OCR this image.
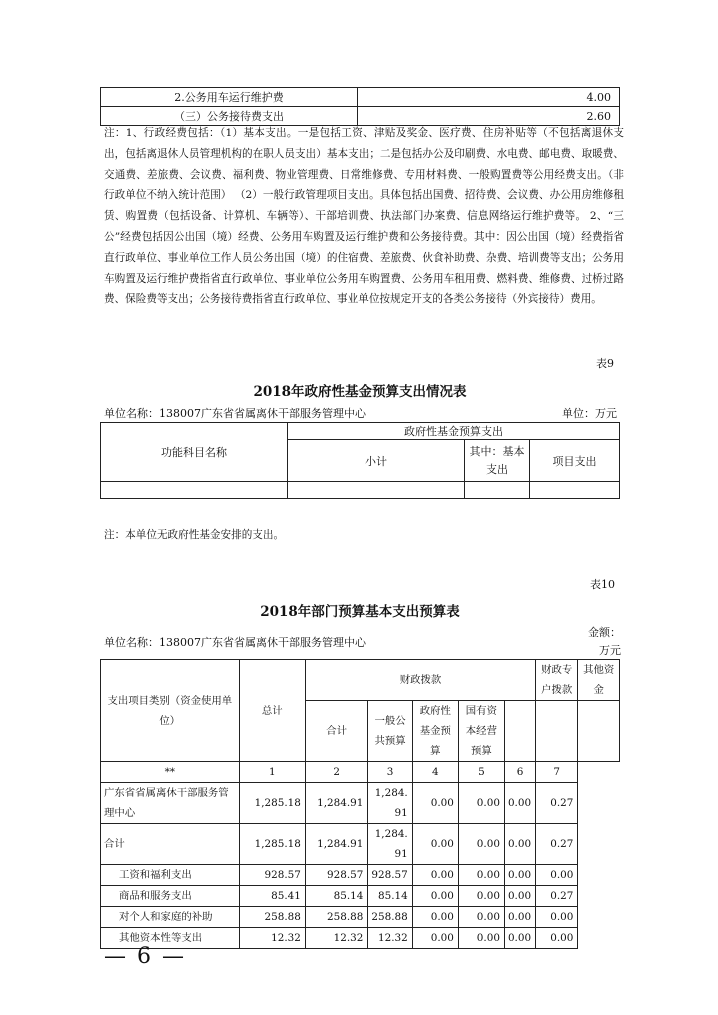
2.公务用车运行维护费	4.00
（三）公务接待费支出	2.60
注：1、行政经费包括：（1）基本支出。一是包括工资、津贴及奖金、医疗费、住房补贴等（不包括离退休支出，包括离退休人员管理机构的在职人员支出）基本支出；二是包括办公及印刷费、水电费、邮电费、取暖费、交通费、差旅费、会议费、福利费、物业管理费、日常维修费、专用材料费、一般购置费等公用经费支出。（非行政单位不纳入统计范围） （2）一般行政管理项目支出。具体包括出国费、招待费、会议费、办公用房维修租赁、购置费（包括设备、计算机、车辆等）、干部培训费、执法部门办案费、信息网络运行维护费等。 2、“三公”经费包括因公出国（境）经费、公务用车购置及运行维护费和公务接待费。其中：因公出国（境）经费指省直行政单位、事业单位工作人员公务出国（境）的住宿费、差旅费、伙食补助费、杂费、培训费等支出；公务用车购置及运行维护费指省直行政单位、事业单位公务用车购置费、公务用车租用费、燃料费、维修费、过桥过路费、保险费等支出；公务接待费指省直行政单位、事业单位按规定开支的各类公务接待（外宾接待）费用。
表9
2018年政府性基金预算支出情况表
单位名称：138007广东省省属离休干部服务管理中心	单位：万元
功能科目名称	政府性基金预算支出		
	小计	其中：基本支出	项目支出

注：本单位无政府性基金安排的支出。
表10
2018年部门预算基本支出预算表
单位名称：138007广东省省属离休干部服务管理中心
金额：万元
支出项目类别（资金使用单位）	总计	财政拨款					财政专户拨款	其他资金
		合计	一般公共预算	政府性基金预算	国有资本经营预算			

**	1	2	3	4	5	6	7	
广东省省属离休干部服务管理中心	1,285.18	1,284.91	1,284.91	0.00	0.00	0.00	0.27	
合计	1,285.18	1,284.91	1,284.91	0.00	0.00	0.00	0.27	
工资和福利支出	928.57	928.57	928.57	0.00	0.00	0.00	0.00	
商品和服务支出	85.41	85.14	85.14	0.00	0.00	0.00	0.27	
对个人和家庭的补助	258.88	258.88	258.88	0.00	0.00	0.00	0.00	
其他资本性等支出	12.32	12.32	12.32	0.00	0.00	0.00	0.00	
— 6 —
